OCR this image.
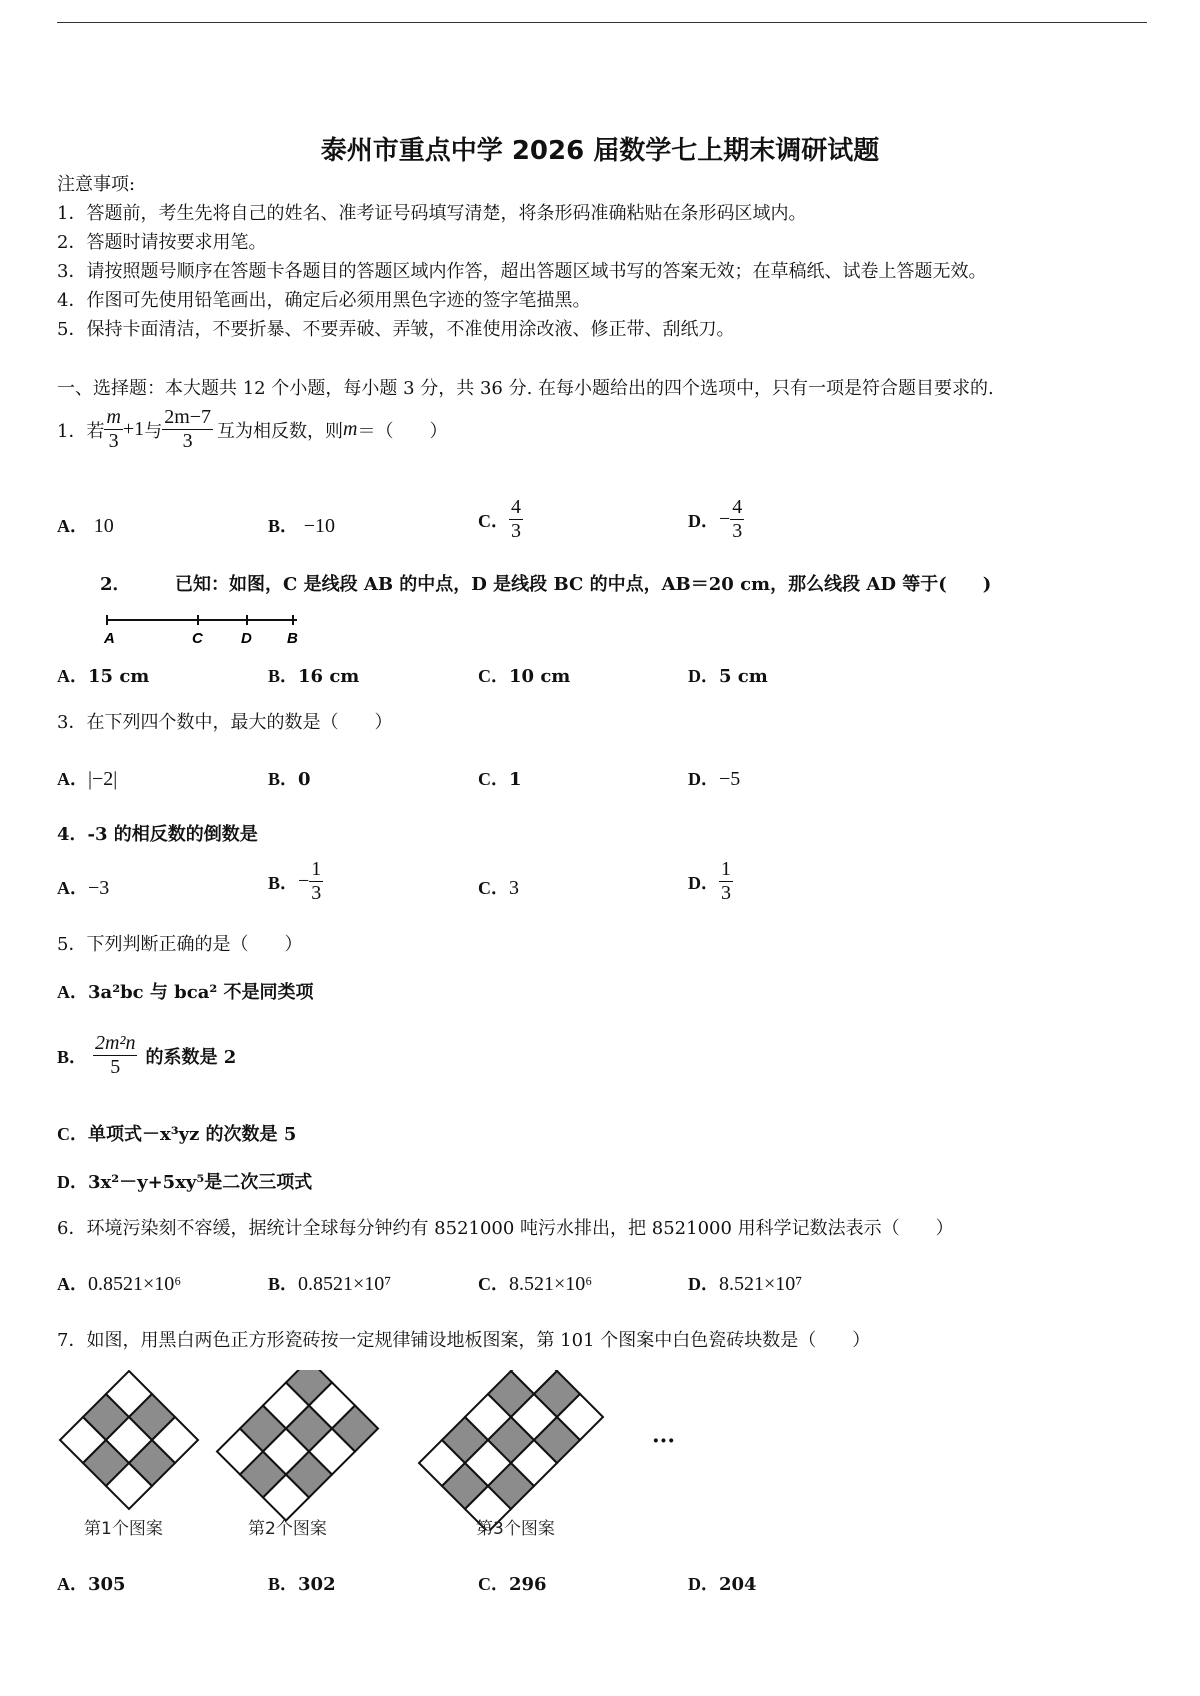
泰州市重点中学 2026 届数学七上期末调研试题
注意事项:
1．答题前，考生先将自己的姓名、准考证号码填写清楚，将条形码准确粘贴在条形码区域内。
2．答题时请按要求用笔。
3．请按照题号顺序在答题卡各题目的答题区域内作答，超出答题区域书写的答案无效；在草稿纸、试卷上答题无效。
4．作图可先使用铅笔画出，确定后必须用黑色字迹的签字笔描黑。
5．保持卡面清洁，不要折暴、不要弄破、弄皱，不准使用涂改液、修正带、刮纸刀。
一、选择题：本大题共 12 个小题，每小题 3 分，共 36 分. 在每小题给出的四个选项中，只有一项是符合题目要求的.
1．若 $\frac{m}{3} +1$ 与 $\frac{2m-7}{3}$ 互为相反数，则 m ＝（　　）
A． 10	B． −10	C． $\frac{4}{3}$	D． − $\frac{4}{3}$
2． 已知：如图，C 是线段 AB 的中点，D 是线段 BC 的中点，AB＝20 cm，那么线段 AD 等于(　　)
A	C	D B
A．15 cm	B．16 cm	C．10 cm	D．5 cm
3．在下列四个数中，最大的数是（　　）
A．|−2|	B．0	C．1	D．−5
4．-3 的相反数的倒数是
A．−3	B． − $\frac{1}{3}$	C．3	D． $\frac{1}{3}$
5．下列判断正确的是（　　）
A．3a²bc 与 bca² 不是同类项
B． $\frac{\text{2m²n}}{5}$ 的系数是 2
C．单项式－x³yz 的次数是 5
D．3x²－y+5xy⁵是二次三项式
6．环境污染刻不容缓，据统计全球每分钟约有 8521000 吨污水排出，把 8521000 用科学记数法表示（　　）
A．0.8521×10⁶	B．0.8521×10⁷	C．8.521×10⁶	D．8.521×10⁷
7．如图，用黑白两色正方形瓷砖按一定规律铺设地板图案，第 101 个图案中白色瓷砖块数是（　　）
第1个图案	第2个图案	第3个图案
···
A．305	B．302	C．296	D．204
